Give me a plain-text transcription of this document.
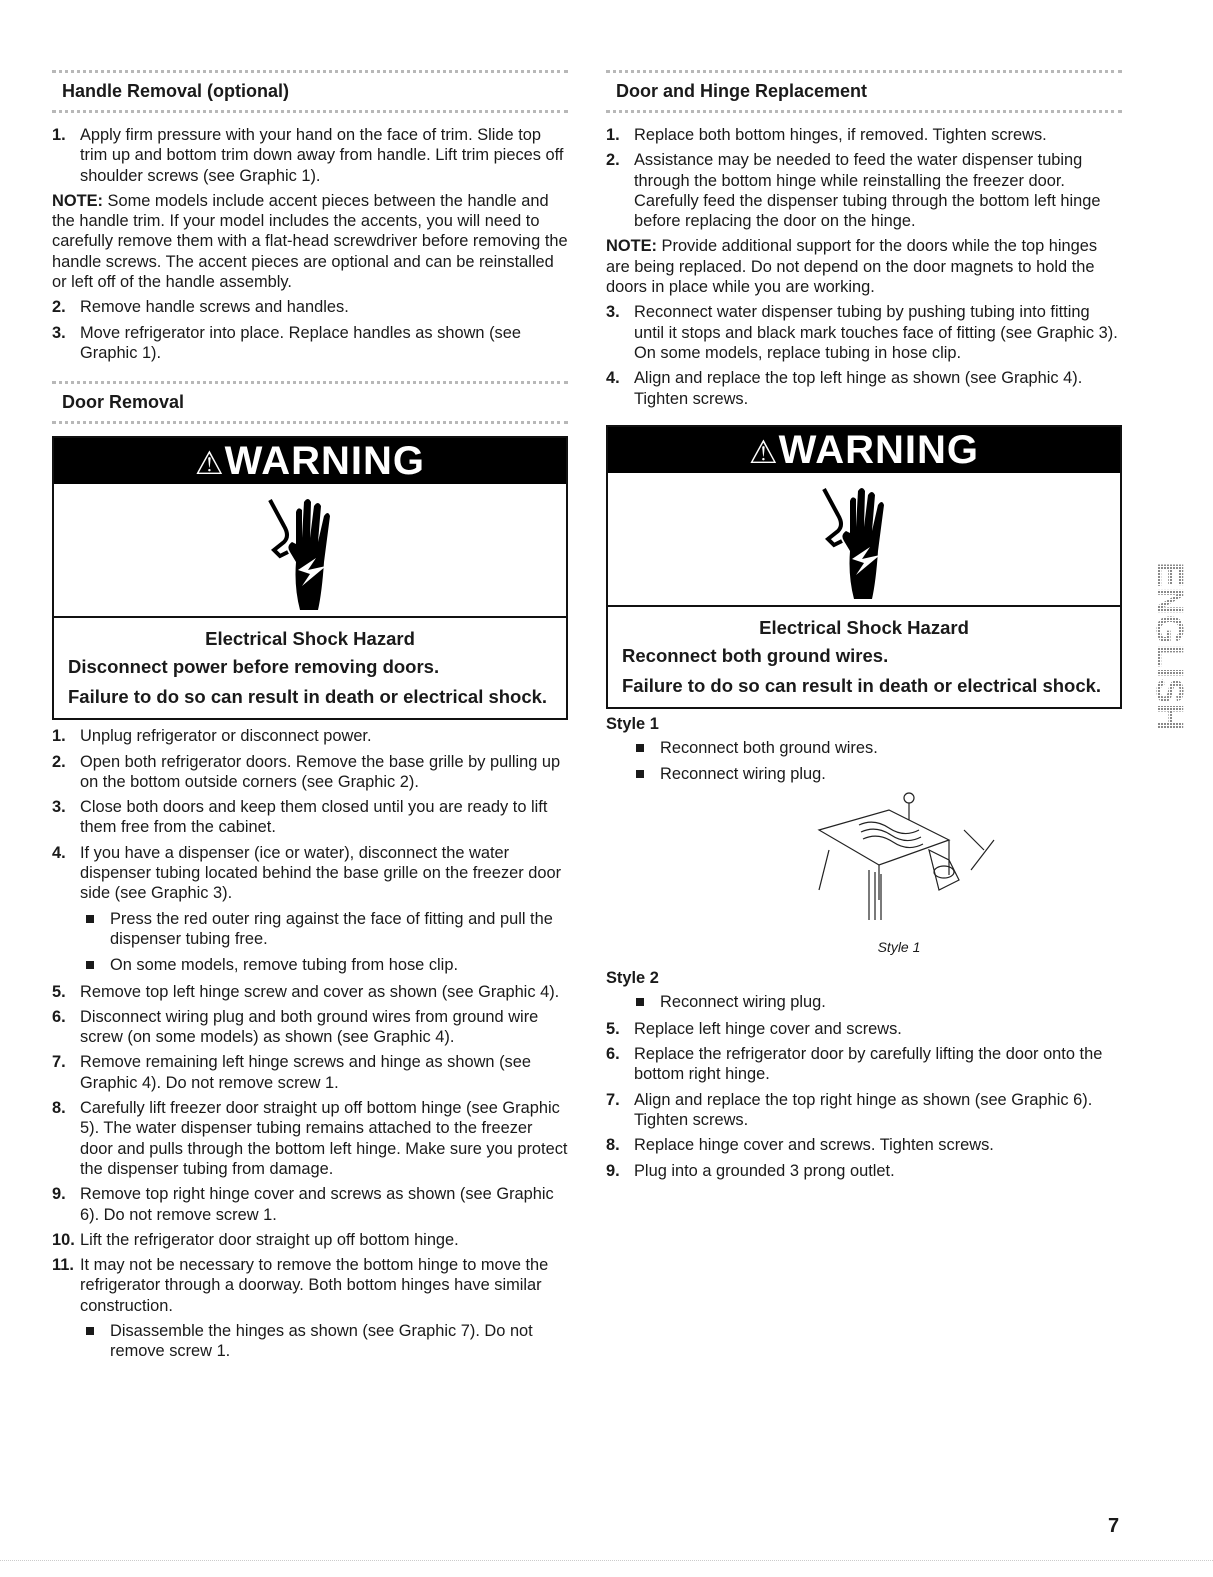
Handle Removal (optional)
1. Apply firm pressure with your hand on the face of trim. Slide top trim up and bottom trim down away from handle. Lift trim pieces off shoulder screws (see Graphic 1).

NOTE: Some models include accent pieces between the handle and the handle trim. If your model includes the accents, you will need to carefully remove them with a flat-head screwdriver before removing the handle screws. The accent pieces are optional and can be reinstalled or left off of the handle assembly.

2. Remove handle screws and handles.
3. Move refrigerator into place. Replace handles as shown (see Graphic 1).
Door Removal
⚠WARNING
Electrical Shock Hazard
Disconnect power before removing doors.
Failure to do so can result in death or electrical shock.
1. Unplug refrigerator or disconnect power.
2. Open both refrigerator doors. Remove the base grille by pulling up on the bottom outside corners (see Graphic 2).
3. Close both doors and keep them closed until you are ready to lift them free from the cabinet.
4. If you have a dispenser (ice or water), disconnect the water dispenser tubing located behind the base grille on the freezer door side (see Graphic 3).
Press the red outer ring against the face of fitting and pull the dispenser tubing free.
On some models, remove tubing from hose clip.
5. Remove top left hinge screw and cover as shown (see Graphic 4).
6. Disconnect wiring plug and both ground wires from ground wire screw (on some models) as shown (see Graphic 4).
7. Remove remaining left hinge screws and hinge as shown (see Graphic 4). Do not remove screw 1.
8. Carefully lift freezer door straight up off bottom hinge (see Graphic 5). The water dispenser tubing remains attached to the freezer door and pulls through the bottom left hinge. Make sure you protect the dispenser tubing from damage.
9. Remove top right hinge cover and screws as shown (see Graphic 6). Do not remove screw 1.
10. Lift the refrigerator door straight up off bottom hinge.
11. It may not be necessary to remove the bottom hinge to move the refrigerator through a doorway. Both bottom hinges have similar construction.
Disassemble the hinges as shown (see Graphic 7). Do not remove screw 1.
Door and Hinge Replacement
1. Replace both bottom hinges, if removed. Tighten screws.
2. Assistance may be needed to feed the water dispenser tubing through the bottom hinge while reinstalling the freezer door. Carefully feed the dispenser tubing through the bottom left hinge before replacing the door on the hinge.

NOTE: Provide additional support for the doors while the top hinges are being replaced. Do not depend on the door magnets to hold the doors in place while you are working.

3. Reconnect water dispenser tubing by pushing tubing into fitting until it stops and black mark touches face of fitting (see Graphic 3). On some models, replace tubing in hose clip.
4. Align and replace the top left hinge as shown (see Graphic 4). Tighten screws.
⚠WARNING
Electrical Shock Hazard
Reconnect both ground wires.
Failure to do so can result in death or electrical shock.
Style 1
Reconnect both ground wires.
Reconnect wiring plug.
Style 1
Style 2
Reconnect wiring plug.
5. Replace left hinge cover and screws.
6. Replace the refrigerator door by carefully lifting the door onto the bottom right hinge.
7. Align and replace the top right hinge as shown (see Graphic 6). Tighten screws.
8. Replace hinge cover and screws. Tighten screws.
9. Plug into a grounded 3 prong outlet.
ENGLISH
7
